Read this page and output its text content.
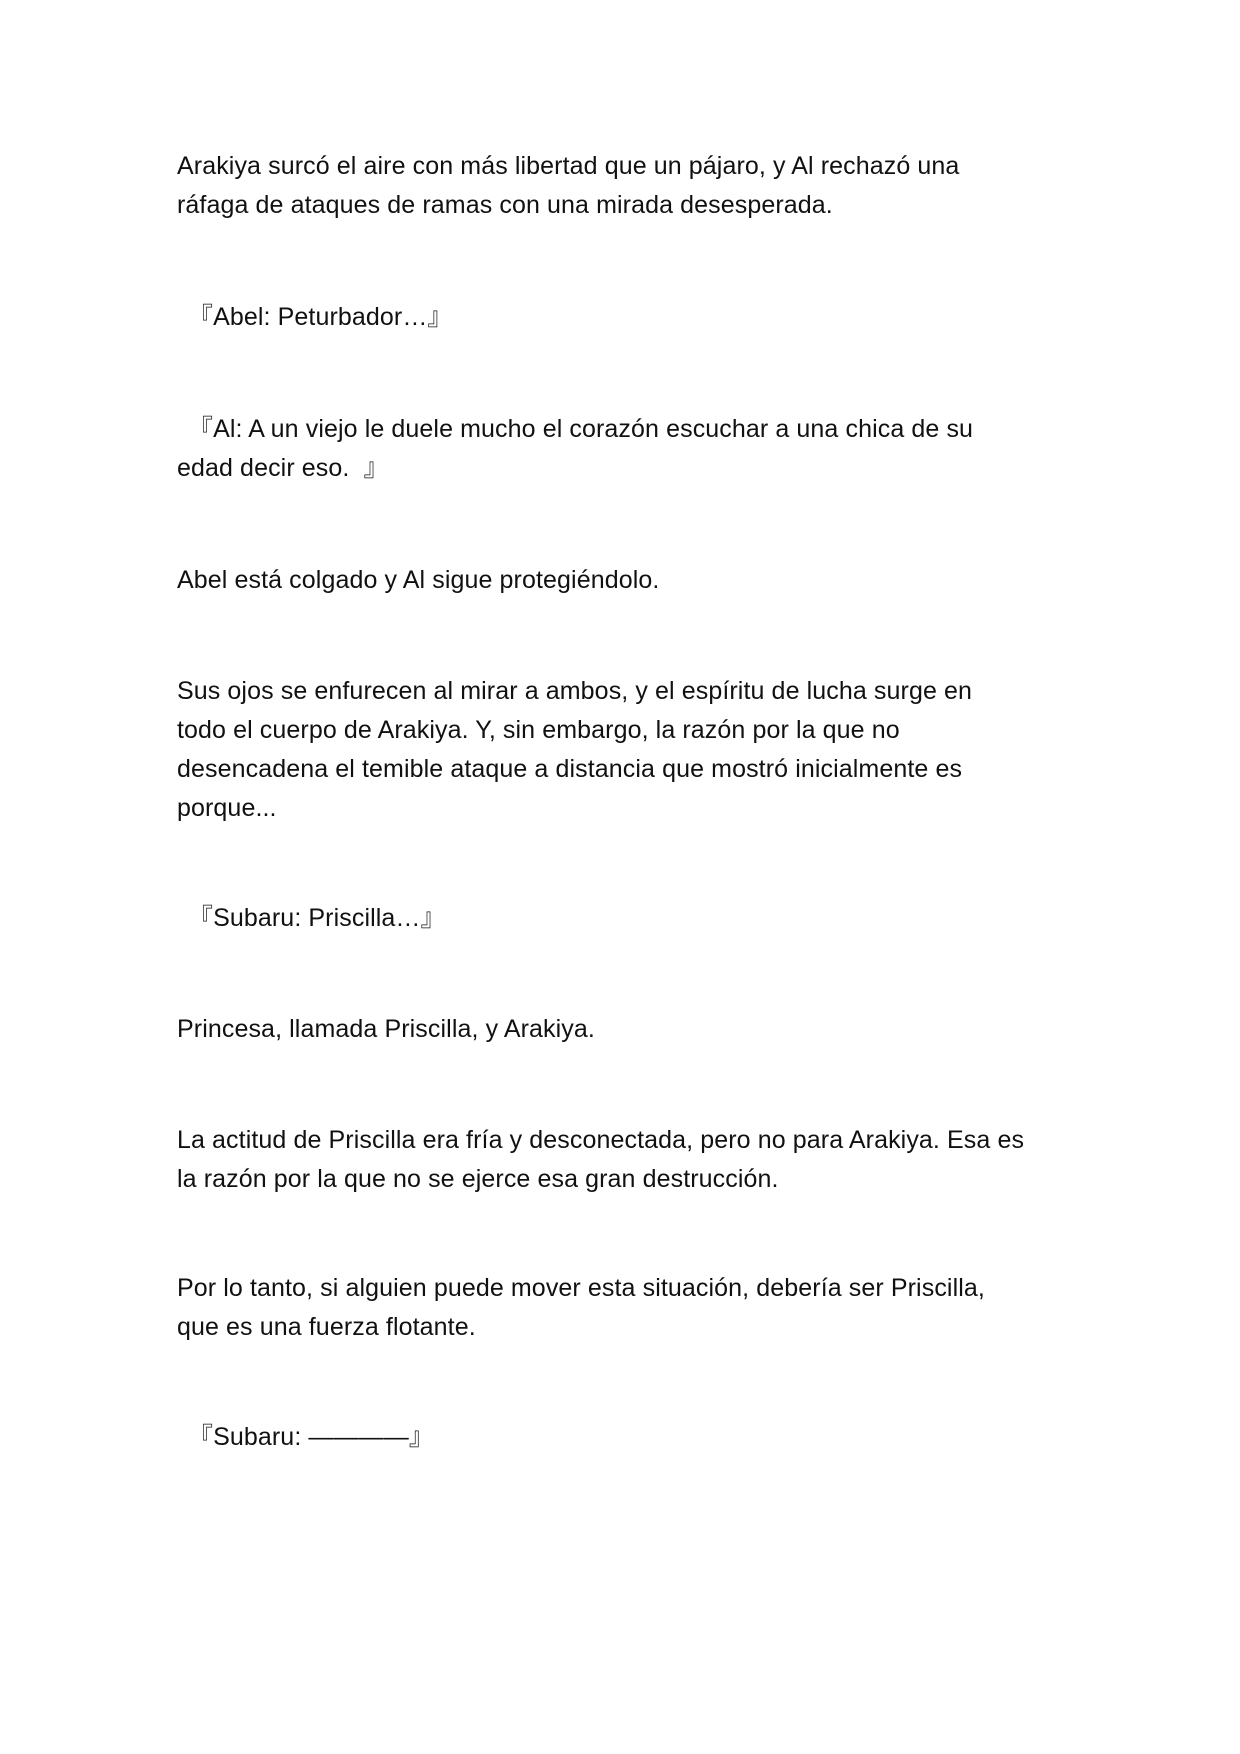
Arakiya surcó el aire con más libertad que un pájaro, y Al rechazó una
ráfaga de ataques de ramas con una mirada desesperada.

『Abel: Peturbador…』

『Al: A un viejo le duele mucho el corazón escuchar a una chica de su
edad decir eso.  』

Abel está colgado y Al sigue protegiéndolo.

Sus ojos se enfurecen al mirar a ambos, y el espíritu de lucha surge en
todo el cuerpo de Arakiya. Y, sin embargo, la razón por la que no
desencadena el temible ataque a distancia que mostró inicialmente es
porque...

『Subaru: Priscilla…』

Princesa, llamada Priscilla, y Arakiya.

La actitud de Priscilla era fría y desconectada, pero no para Arakiya. Esa es
la razón por la que no se ejerce esa gran destrucción.

Por lo tanto, si alguien puede mover esta situación, debería ser Priscilla,
que es una fuerza flotante.

『Subaru: ————』
